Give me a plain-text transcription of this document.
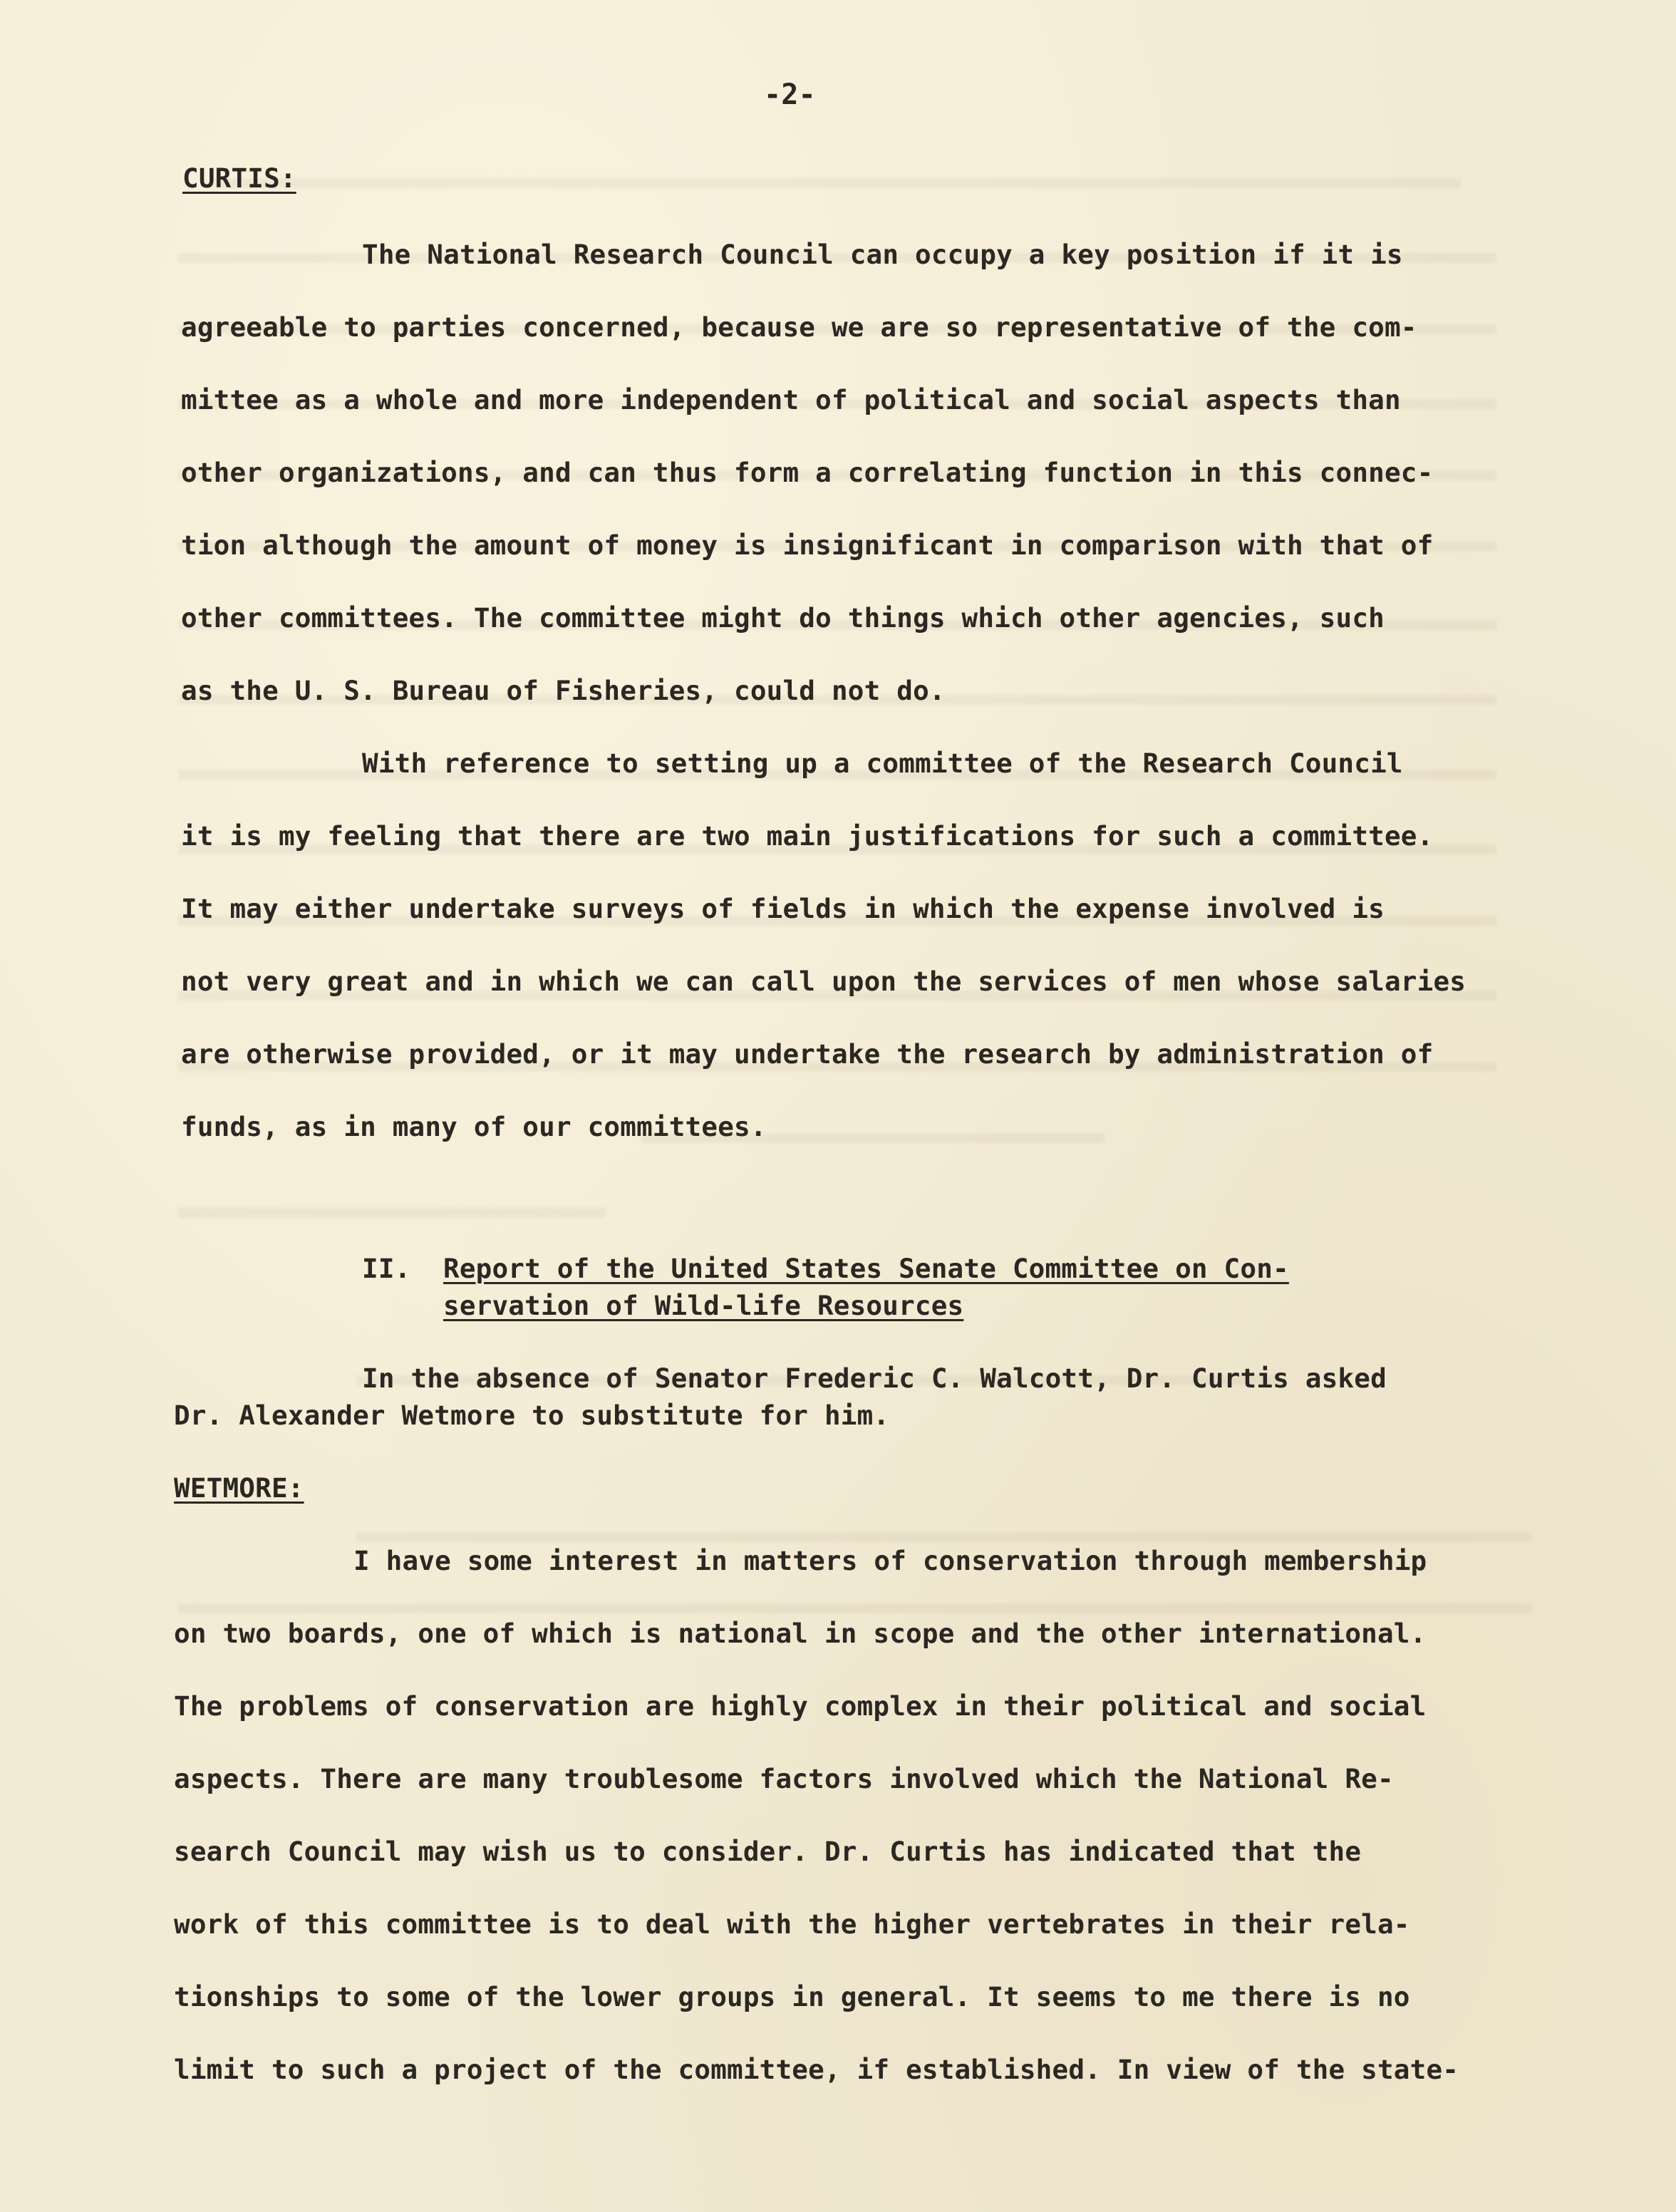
-2-
CURTIS:
The National Research Council can occupy a key position if it is
agreeable to parties concerned, because we are so representative of the com-
mittee as a whole and more independent of political and social aspects than
other organizations, and can thus form a correlating function in this connec-
tion although the amount of money is insignificant in comparison with that of
other committees. The committee might do things which other agencies, such
as the U. S. Bureau of Fisheries, could not do.
With reference to setting up a committee of the Research Council
it is my feeling that there are two main justifications for such a committee.
It may either undertake surveys of fields in which the expense involved is
not very great and in which we can call upon the services of men whose salaries
are otherwise provided, or it may undertake the research by administration of
funds, as in many of our committees.
II. Report of the United States Senate Committee on Con-
servation of Wild-life Resources
In the absence of Senator Frederic C. Walcott, Dr. Curtis asked
Dr. Alexander Wetmore to substitute for him.
WETMORE:
I have some interest in matters of conservation through membership
on two boards, one of which is national in scope and the other international.
The problems of conservation are highly complex in their political and social
aspects. There are many troublesome factors involved which the National Re-
search Council may wish us to consider. Dr. Curtis has indicated that the
work of this committee is to deal with the higher vertebrates in their rela-
tionships to some of the lower groups in general. It seems to me there is no
limit to such a project of the committee, if established. In view of the state-
